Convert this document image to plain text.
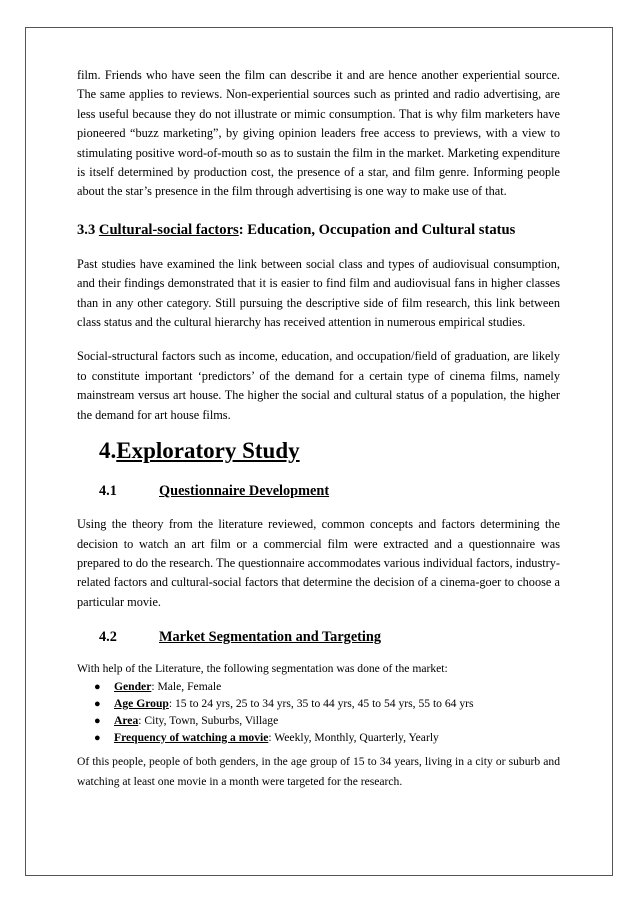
film. Friends who have seen the film can describe it and are hence another experiential source. The same applies to reviews. Non-experiential sources such as printed and radio advertising, are less useful because they do not illustrate or mimic consumption. That is why film marketers have pioneered “buzz marketing”, by giving opinion leaders free access to previews, with a view to stimulating positive word-of-mouth so as to sustain the film in the market. Marketing expenditure is itself determined by production cost, the presence of a star, and film genre. Informing people about the star’s presence in the film through advertising is one way to make use of that.

3.3 Cultural-social factors: Education, Occupation and Cultural status

Past studies have examined the link between social class and types of audiovisual consumption, and their findings demonstrated that it is easier to find film and audiovisual fans in higher classes than in any other category. Still pursuing the descriptive side of film research, this link between class status and the cultural hierarchy has received attention in numerous empirical studies.

Social-structural factors such as income, education, and occupation/field of graduation, are likely to constitute important ‘predictors’ of the demand for a certain type of cinema films, namely mainstream versus art house. The higher the social and cultural status of a population, the higher the demand for art house films.

4.Exploratory Study
4.1	Questionnaire Development

Using the theory from the literature reviewed, common concepts and factors determining the decision to watch an art film or a commercial film were extracted and a questionnaire was prepared to do the research. The questionnaire accommodates various individual factors, industry-related factors and cultural-social factors that determine the decision of a cinema-goer to choose a particular movie.

4.2	Market Segmentation and Targeting

With help of the Literature, the following segmentation was done of the market:

● Gender: Male, Female
● Age Group: 15 to 24 yrs, 25 to 34 yrs, 35 to 44 yrs, 45 to 54 yrs, 55 to 64 yrs
● Area: City, Town, Suburbs, Village
● Frequency of watching a movie: Weekly, Monthly, Quarterly, Yearly

Of this people, people of both genders, in the age group of 15 to 34 years, living in a city or suburb and watching at least one movie in a month were targeted for the research.
